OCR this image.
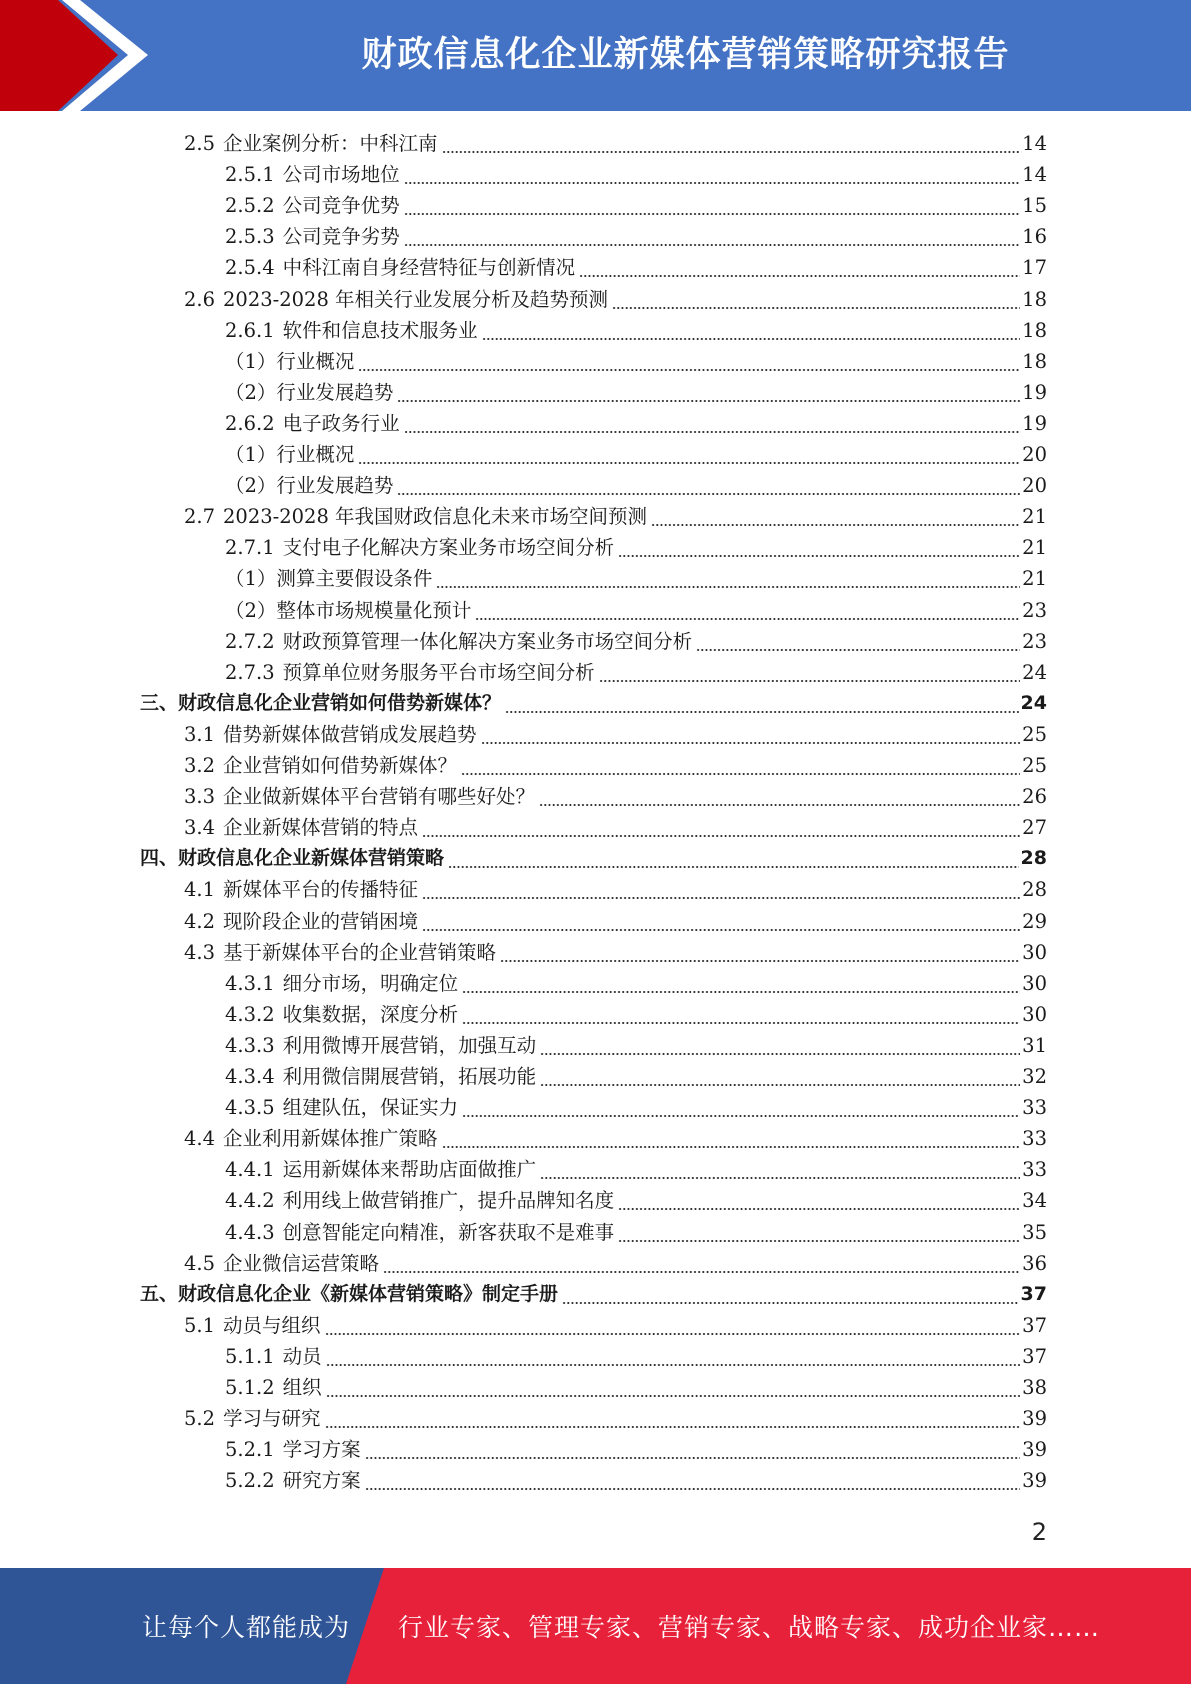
财政信息化企业新媒体营销策略研究报告
2.5 企业案例分析：中科江南	14
2.5.1 公司市场地位	14
2.5.2 公司竞争优势	15
2.5.3 公司竞争劣势	16
2.5.4 中科江南自身经营特征与创新情况	17
2.6 2023-2028 年相关行业发展分析及趋势预测	18
2.6.1 软件和信息技术服务业	18
（1）行业概况	18
（2）行业发展趋势	19
2.6.2 电子政务行业	19
（1）行业概况	20
（2）行业发展趋势	20
2.7 2023-2028 年我国财政信息化未来市场空间预测	21
2.7.1 支付电子化解决方案业务市场空间分析	21
（1）测算主要假设条件	21
（2）整体市场规模量化预计	23
2.7.2 财政预算管理一体化解决方案业务市场空间分析	23
2.7.3 预算单位财务服务平台市场空间分析	24
三、财政信息化企业营销如何借势新媒体？	24
3.1 借势新媒体做营销成发展趋势	25
3.2 企业营销如何借势新媒体？	25
3.3 企业做新媒体平台营销有哪些好处？	26
3.4 企业新媒体营销的特点	27
四、财政信息化企业新媒体营销策略	28
4.1 新媒体平台的传播特征	28
4.2 现阶段企业的营销困境	29
4.3 基于新媒体平台的企业营销策略	30
4.3.1 细分市场，明确定位	30
4.3.2 收集数据，深度分析	30
4.3.3 利用微博开展营销，加强互动	31
4.3.4 利用微信開展营销，拓展功能	32
4.3.5 组建队伍，保证实力	33
4.4 企业利用新媒体推广策略	33
4.4.1 运用新媒体来帮助店面做推广	33
4.4.2 利用线上做营销推广，提升品牌知名度	34
4.4.3 创意智能定向精准，新客获取不是难事	35
4.5 企业微信运营策略	36
五、财政信息化企业《新媒体营销策略》制定手册	37
5.1 动员与组织	37
5.1.1 动员	37
5.1.2 组织	38
5.2 学习与研究	39
5.2.1 学习方案	39
5.2.2 研究方案	39
2
让每个人都能成为 行业专家、管理专家、营销专家、战略专家、成功企业家……
